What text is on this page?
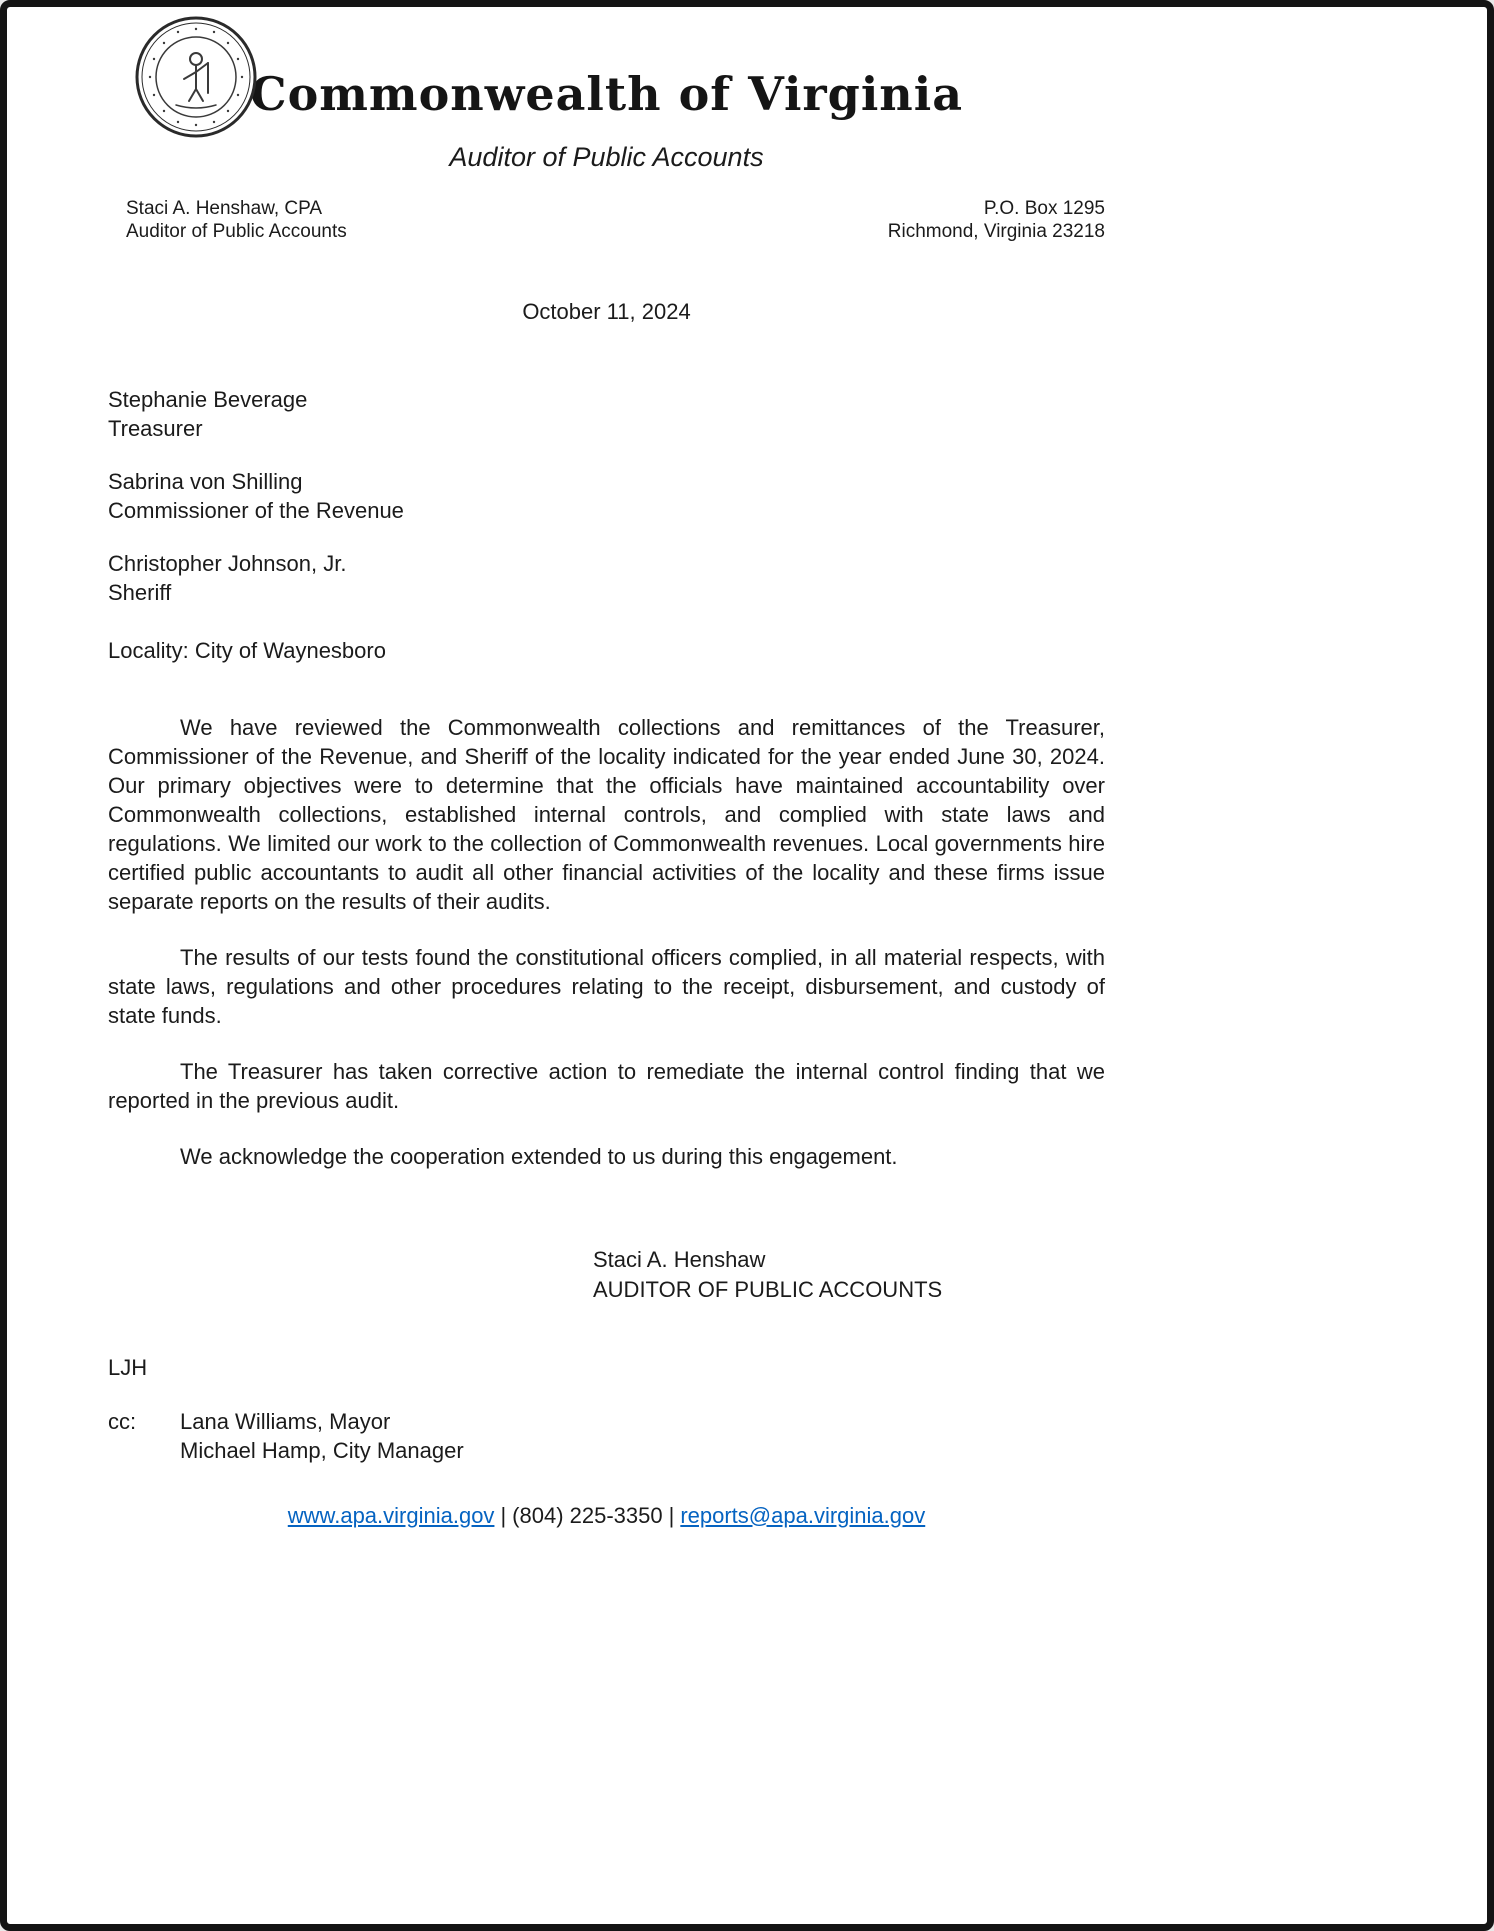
Commonwealth of Virginia
Auditor of Public Accounts
Staci A. Henshaw, CPA
Auditor of Public Accounts
P.O. Box 1295
Richmond, Virginia 23218
October 11, 2024
Stephanie Beverage
Treasurer
Sabrina von Shilling
Commissioner of the Revenue
Christopher Johnson, Jr.
Sheriff
Locality: City of Waynesboro

We have reviewed the Commonwealth collections and remittances of the Treasurer, Commissioner of the Revenue, and Sheriff of the locality indicated for the year ended June 30, 2024. Our primary objectives were to determine that the officials have maintained accountability over Commonwealth collections, established internal controls, and complied with state laws and regulations. We limited our work to the collection of Commonwealth revenues. Local governments hire certified public accountants to audit all other financial activities of the locality and these firms issue separate reports on the results of their audits.

The results of our tests found the constitutional officers complied, in all material respects, with state laws, regulations and other procedures relating to the receipt, disbursement, and custody of state funds.

The Treasurer has taken corrective action to remediate the internal control finding that we reported in the previous audit.

We acknowledge the cooperation extended to us during this engagement.

Staci A. Henshaw
AUDITOR OF PUBLIC ACCOUNTS
LJH
cc:	Lana Williams, Mayor
Michael Hamp, City Manager
www.apa.virginia.gov | (804) 225-3350 | reports@apa.virginia.gov
